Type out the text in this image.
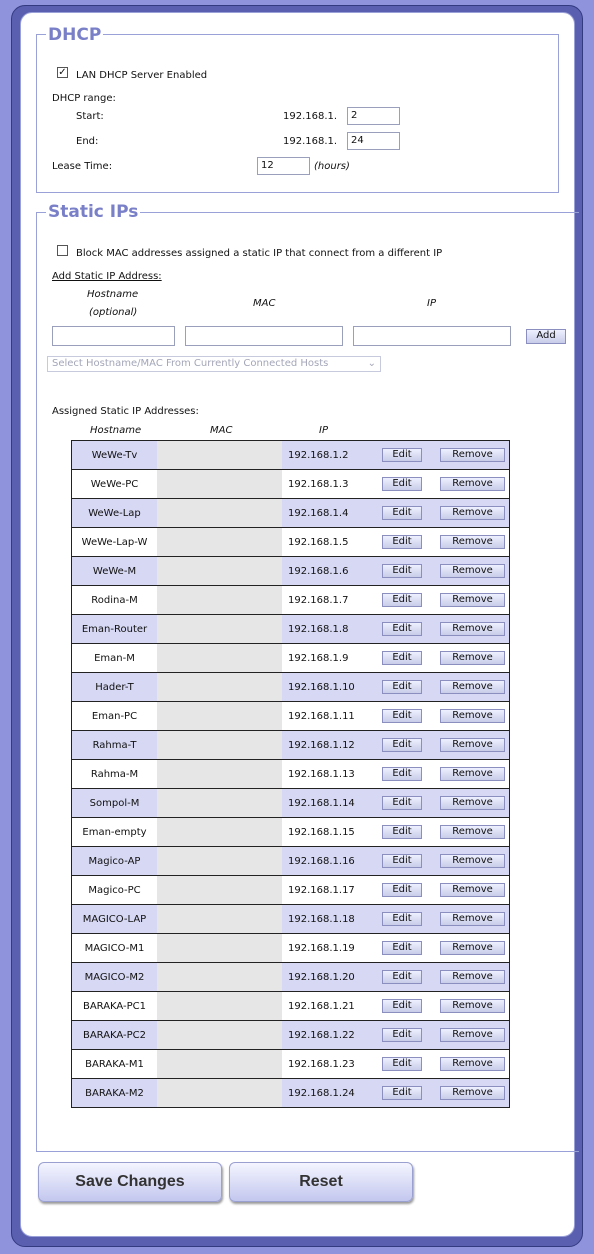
DHCP
✓ LAN DHCP Server Enabled
DHCP range:
Start:	192.168.1.	2
End:	192.168.1.	24
Lease Time:	12	(hours)
Static IPs
Block MAC addresses assigned a static IP that connect from a different IP
Add Static IP Address:
Hostname
(optional)
MAC	IP
Add
Select Hostname/MAC From Currently Connected Hosts	⌄
Assigned Static IP Addresses:
Hostname	MAC	IP
WeWe-Tv		192.168.1.2	Edit Remove

WeWe-PC		192.168.1.3	Edit Remove

WeWe-Lap		192.168.1.4	Edit Remove

WeWe-Lap-W		192.168.1.5	Edit Remove

WeWe-M		192.168.1.6	Edit Remove

Rodina-M		192.168.1.7	Edit Remove

Eman-Router		192.168.1.8	Edit Remove

Eman-M		192.168.1.9	Edit Remove

Hader-T		192.168.1.10	Edit Remove

Eman-PC		192.168.1.11	Edit Remove

Rahma-T		192.168.1.12	Edit Remove

Rahma-M		192.168.1.13	Edit Remove

Sompol-M		192.168.1.14	Edit Remove

Eman-empty		192.168.1.15	Edit Remove

Magico-AP		192.168.1.16	Edit Remove

Magico-PC		192.168.1.17	Edit Remove

MAGICO-LAP		192.168.1.18	Edit Remove

MAGICO-M1		192.168.1.19	Edit Remove

MAGICO-M2		192.168.1.20	Edit Remove

BARAKA-PC1		192.168.1.21	Edit Remove

BARAKA-PC2		192.168.1.22	Edit Remove

BARAKA-M1		192.168.1.23	Edit Remove

BARAKA-M2		192.168.1.24	Edit Remove
Save Changes	Reset
